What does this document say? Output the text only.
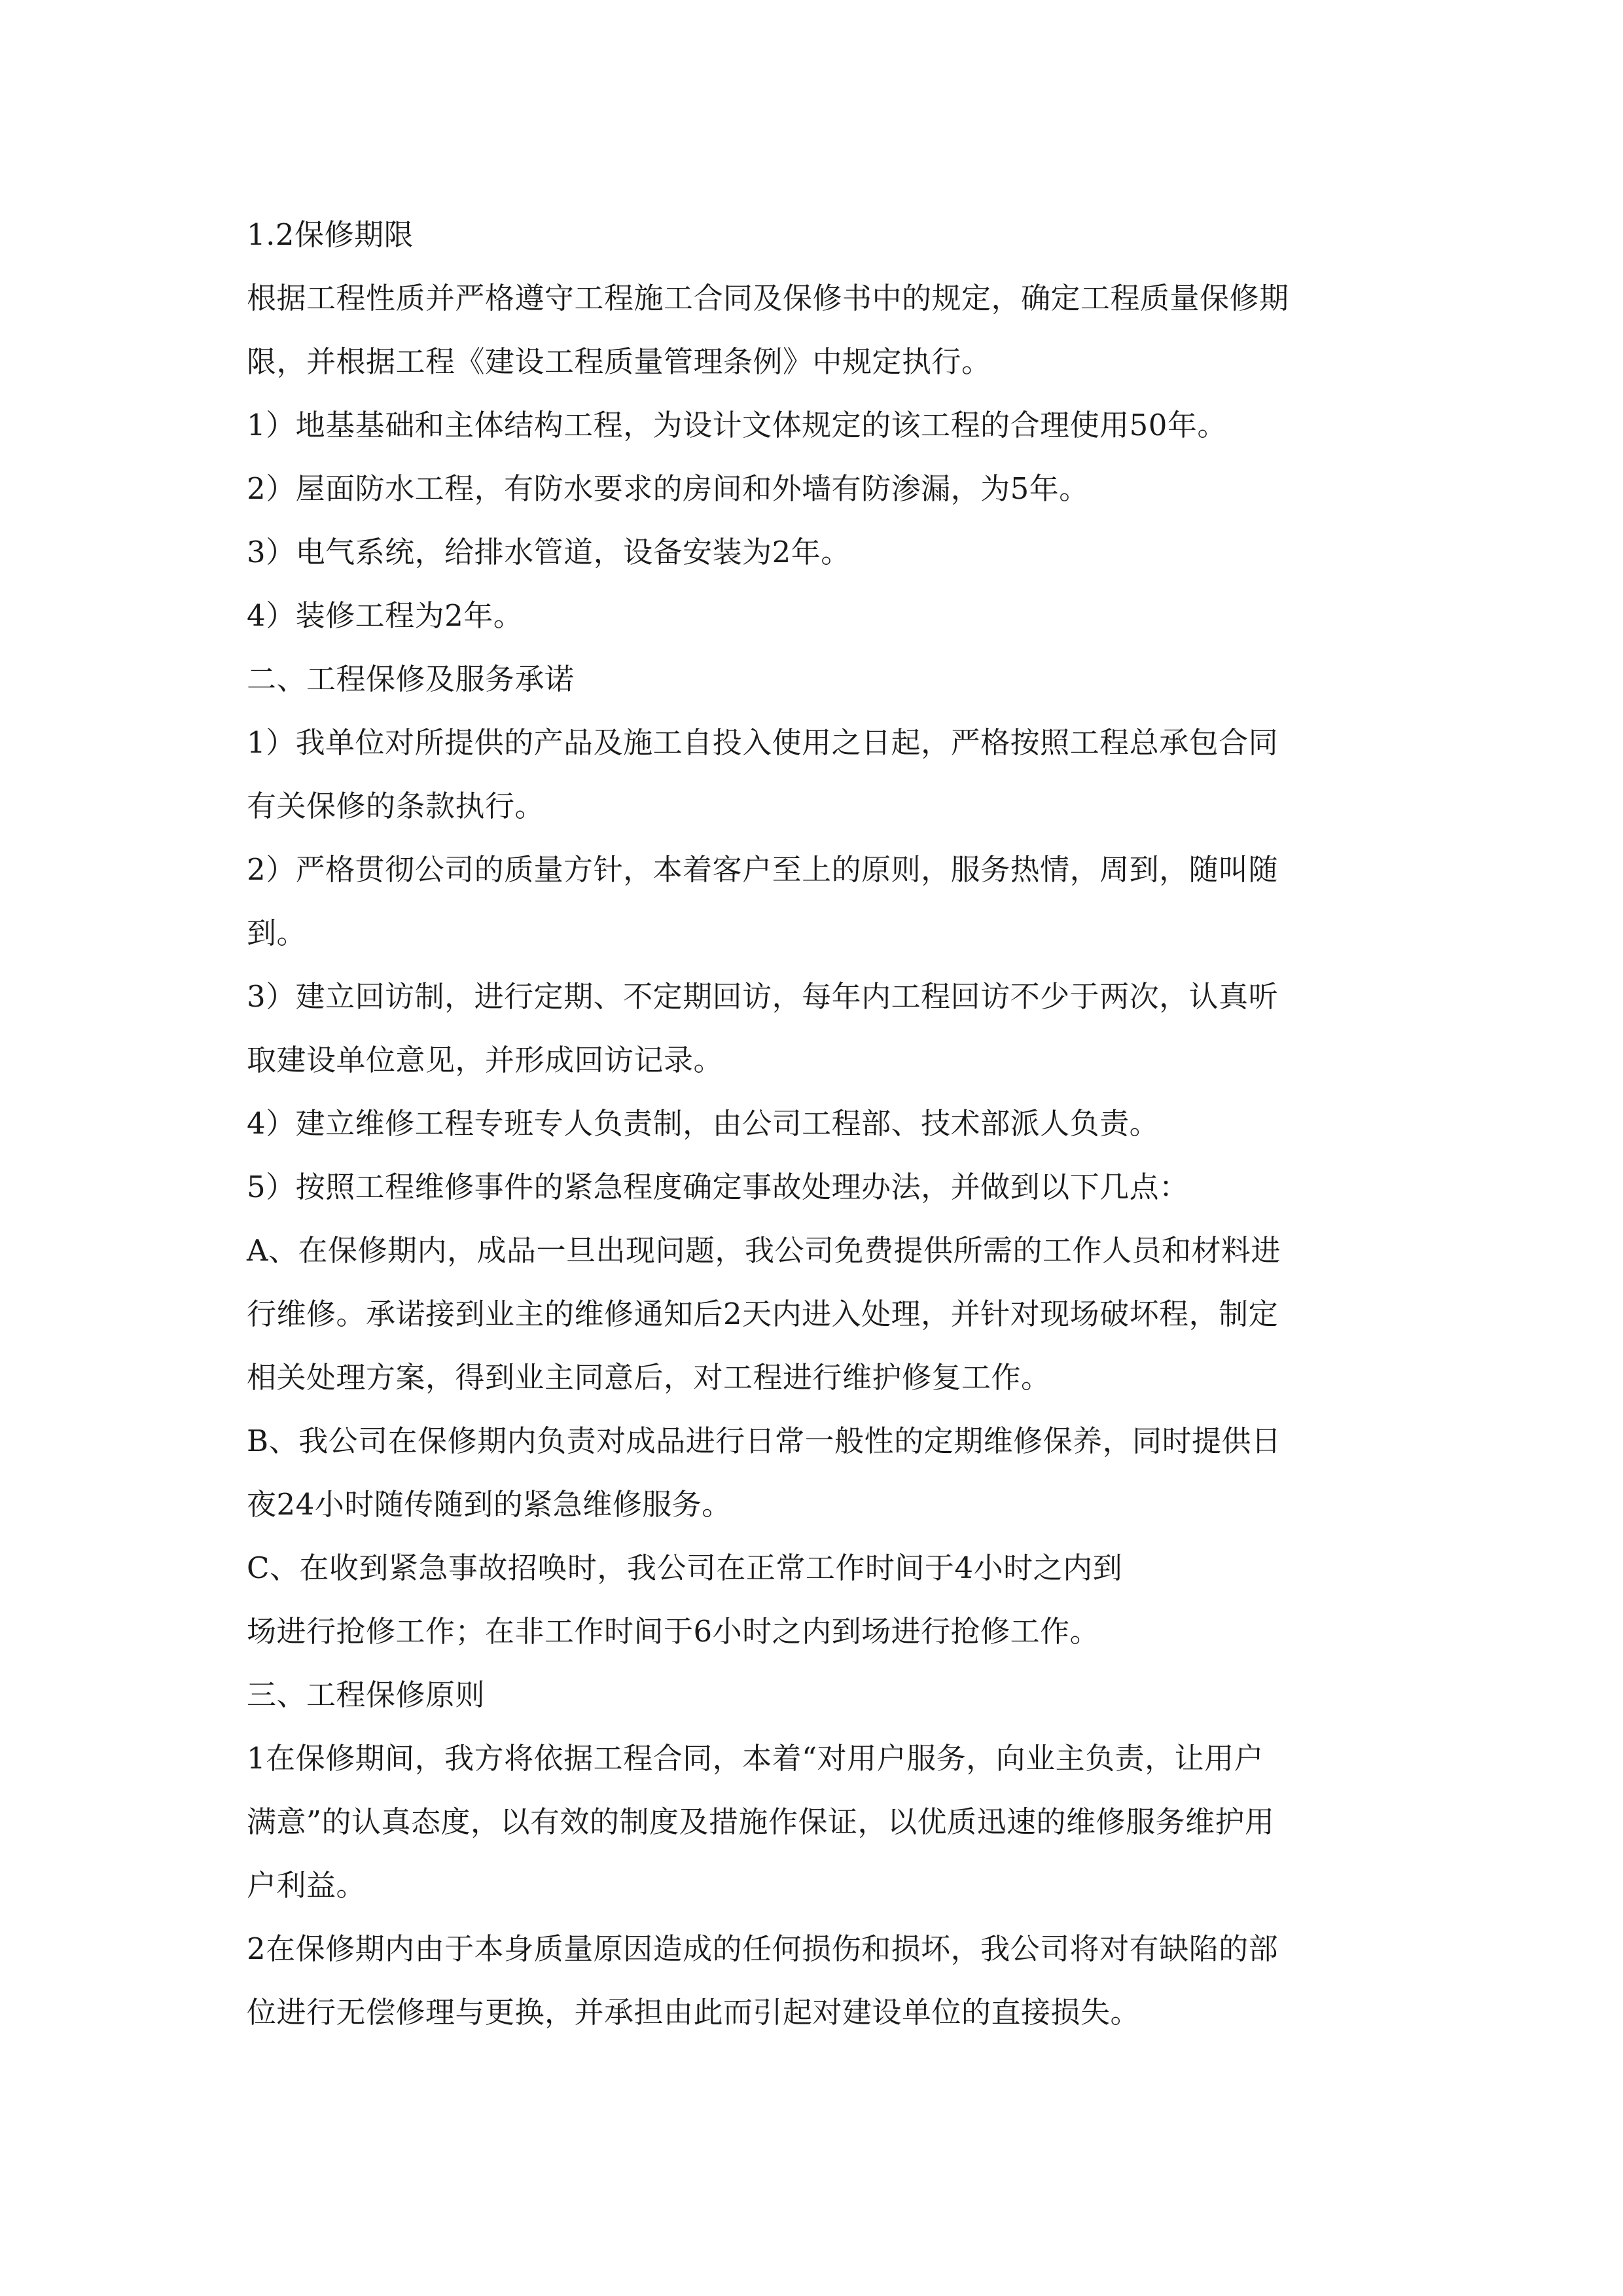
1.2保修期限

根据工程性质并严格遵守工程施工合同及保修书中的规定，确定工程质量保修期

限，并根据工程《建设工程质量管理条例》中规定执行。

1）地基基础和主体结构工程，为设计文体规定的该工程的合理使用50年。

2）屋面防水工程，有防水要求的房间和外墙有防渗漏，为5年。

3）电气系统，给排水管道，设备安装为2年。

4）装修工程为2年。

二、工程保修及服务承诺

1）我单位对所提供的产品及施工自投入使用之日起，严格按照工程总承包合同

有关保修的条款执行。

2）严格贯彻公司的质量方针，本着客户至上的原则，服务热情，周到，随叫随

到。

3）建立回访制，进行定期、不定期回访，每年内工程回访不少于两次，认真听

取建设单位意见，并形成回访记录。

4）建立维修工程专班专人负责制，由公司工程部、技术部派人负责。

5）按照工程维修事件的紧急程度确定事故处理办法，并做到以下几点：

A、在保修期内，成品一旦出现问题，我公司免费提供所需的工作人员和材料进

行维修。承诺接到业主的维修通知后2天内进入处理，并针对现场破坏程，制定

相关处理方案，得到业主同意后，对工程进行维护修复工作。

B、我公司在保修期内负责对成品进行日常一般性的定期维修保养，同时提供日

夜24小时随传随到的紧急维修服务。

C、在收到紧急事故招唤时，我公司在正常工作时间于4小时之内到

场进行抢修工作；在非工作时间于6小时之内到场进行抢修工作。

三、工程保修原则

1在保修期间，我方将依据工程合同，本着“对用户服务，向业主负责，让用户

满意”的认真态度，以有效的制度及措施作保证，以优质迅速的维修服务维护用

户利益。

2在保修期内由于本身质量原因造成的任何损伤和损坏，我公司将对有缺陷的部

位进行无偿修理与更换，并承担由此而引起对建设单位的直接损失。
